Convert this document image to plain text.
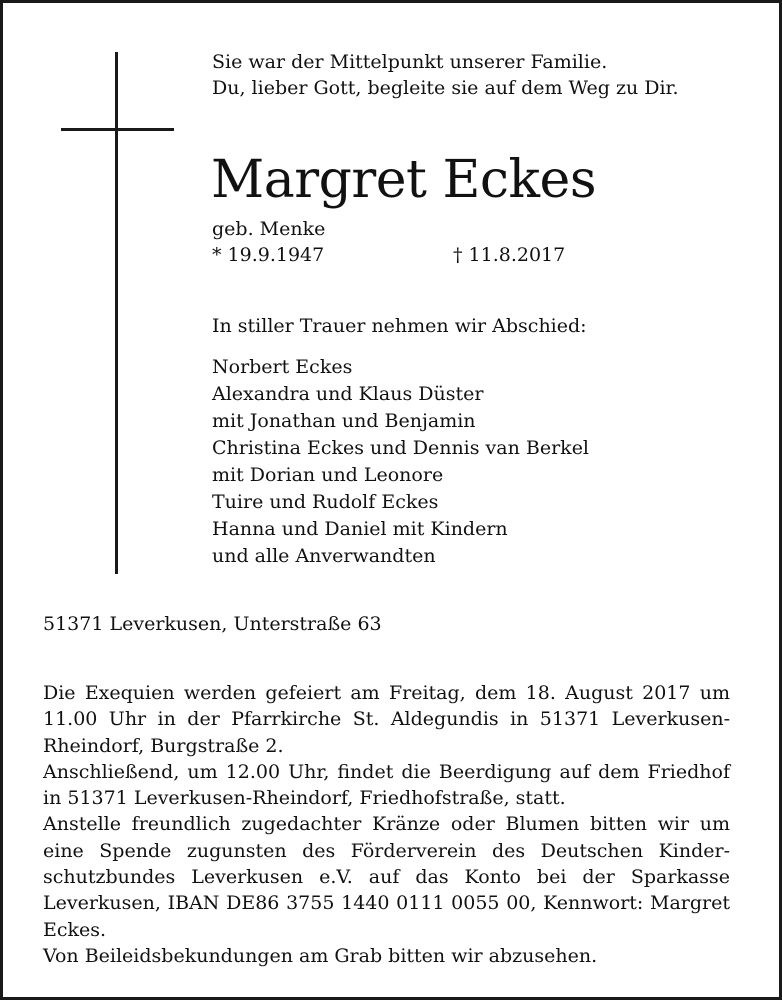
Sie war der Mittelpunkt unserer Familie.
Du, lieber Gott, begleite sie auf dem Weg zu Dir.
Margret Eckes
geb. Menke
* 19.9.1947	† 11.8.2017
In stiller Trauer nehmen wir Abschied:
Norbert Eckes
Alexandra und Klaus Düster
mit Jonathan und Benjamin
Christina Eckes und Dennis van Berkel
mit Dorian und Leonore
Tuire und Rudolf Eckes
Hanna und Daniel mit Kindern
und alle Anverwandten
51371 Leverkusen, Unterstraße 63

Die Exequien werden gefeiert am Freitag, dem 18. August 2017 um 11.00 Uhr in der Pfarrkirche St. Aldegundis in 51371 Leverkusen-Rheindorf, Burgstraße 2.

Anschließend, um 12.00 Uhr, findet die Beerdigung auf dem Friedhof in 51371 Leverkusen-Rheindorf, Friedhofstraße, statt.

Anstelle freundlich zugedachter Kränze oder Blumen bitten wir um eine Spende zugunsten des Förderverein des Deutschen Kinderschutzbundes Leverkusen e.V. auf das Konto bei der Sparkasse Leverkusen, IBAN DE86 3755 1440 0111 0055 00, Kennwort: Margret Eckes.

Von Beileidsbekundungen am Grab bitten wir abzusehen.
